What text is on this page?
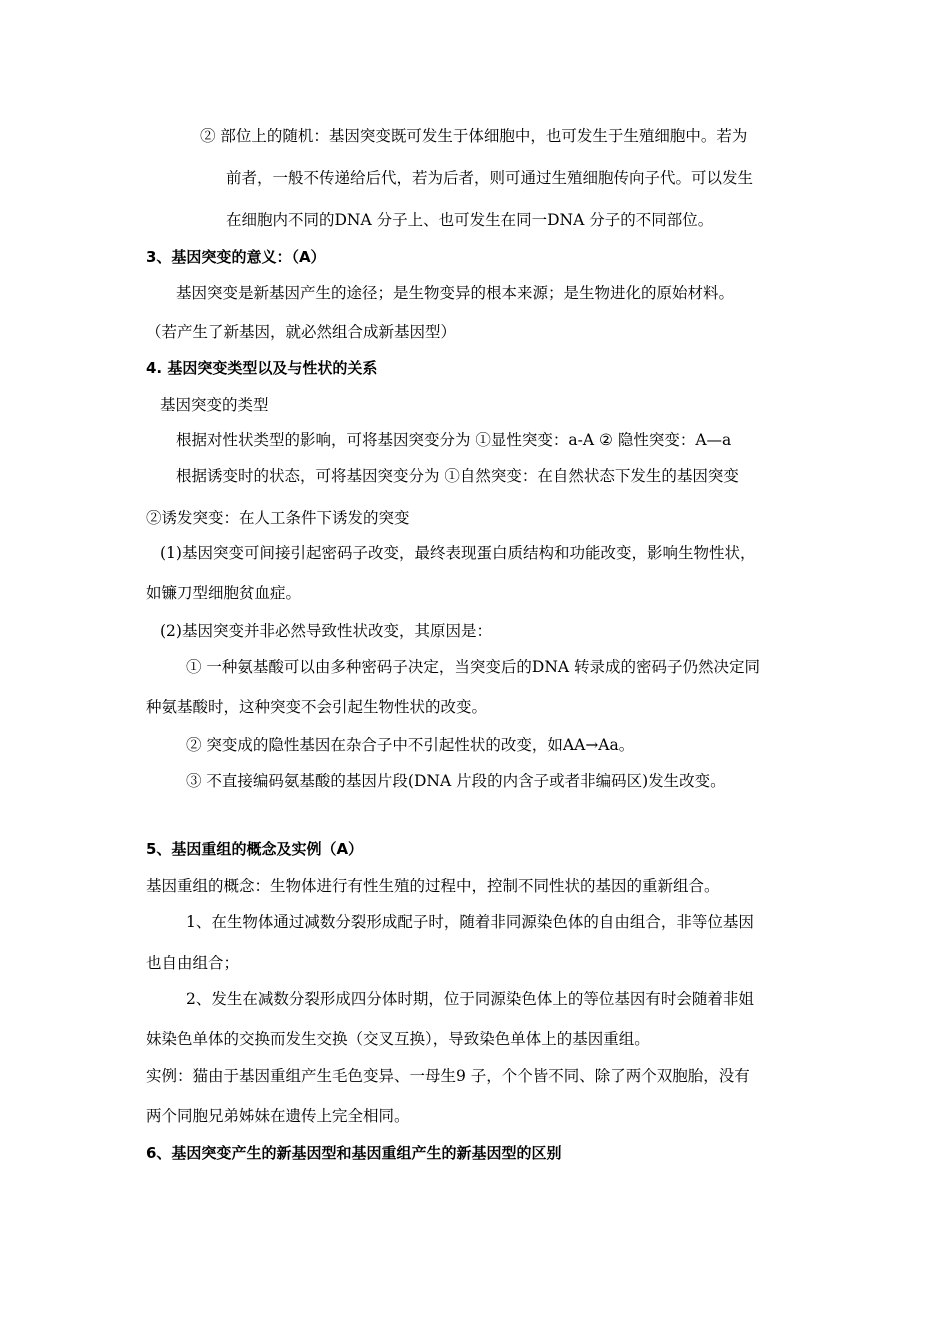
② 部位上的随机：基因突变既可发生于体细胞中，也可发生于生殖细胞中。若为
前者，一般不传递给后代，若为后者，则可通过生殖细胞传向子代。可以发生
在细胞内不同的DNA 分子上、也可发生在同一DNA 分子的不同部位。
3、基因突变的意义：（A）
基因突变是新基因产生的途径；是生物变异的根本来源；是生物进化的原始材料。
（若产生了新基因，就必然组合成新基因型）
4. 基因突变类型以及与性状的关系
基因突变的类型
根据对性状类型的影响，可将基因突变分为 ①显性突变：a-A ② 隐性突变：A—a
根据诱变时的状态，可将基因突变分为 ①自然突变：在自然状态下发生的基因突变
②诱发突变：在人工条件下诱发的突变
(1)基因突变可间接引起密码子改变，最终表现蛋白质结构和功能改变，影响生物性状，
如镰刀型细胞贫血症。
(2)基因突变并非必然导致性状改变，其原因是：
① 一种氨基酸可以由多种密码子决定，当突变后的DNA 转录成的密码子仍然决定同
种氨基酸时，这种突变不会引起生物性状的改变。
② 突变成的隐性基因在杂合子中不引起性状的改变，如AA→Aa。
③ 不直接编码氨基酸的基因片段(DNA 片段的内含子或者非编码区)发生改变。
5、基因重组的概念及实例（A）
基因重组的概念：生物体进行有性生殖的过程中，控制不同性状的基因的重新组合。
1、在生物体通过减数分裂形成配子时，随着非同源染色体的自由组合，非等位基因
也自由组合；
2、发生在减数分裂形成四分体时期，位于同源染色体上的等位基因有时会随着非姐
妹染色单体的交换而发生交换（交叉互换），导致染色单体上的基因重组。
实例：猫由于基因重组产生毛色变异、一母生9 子，个个皆不同、除了两个双胞胎，没有
两个同胞兄弟姊妹在遗传上完全相同。
6、基因突变产生的新基因型和基因重组产生的新基因型的区别
